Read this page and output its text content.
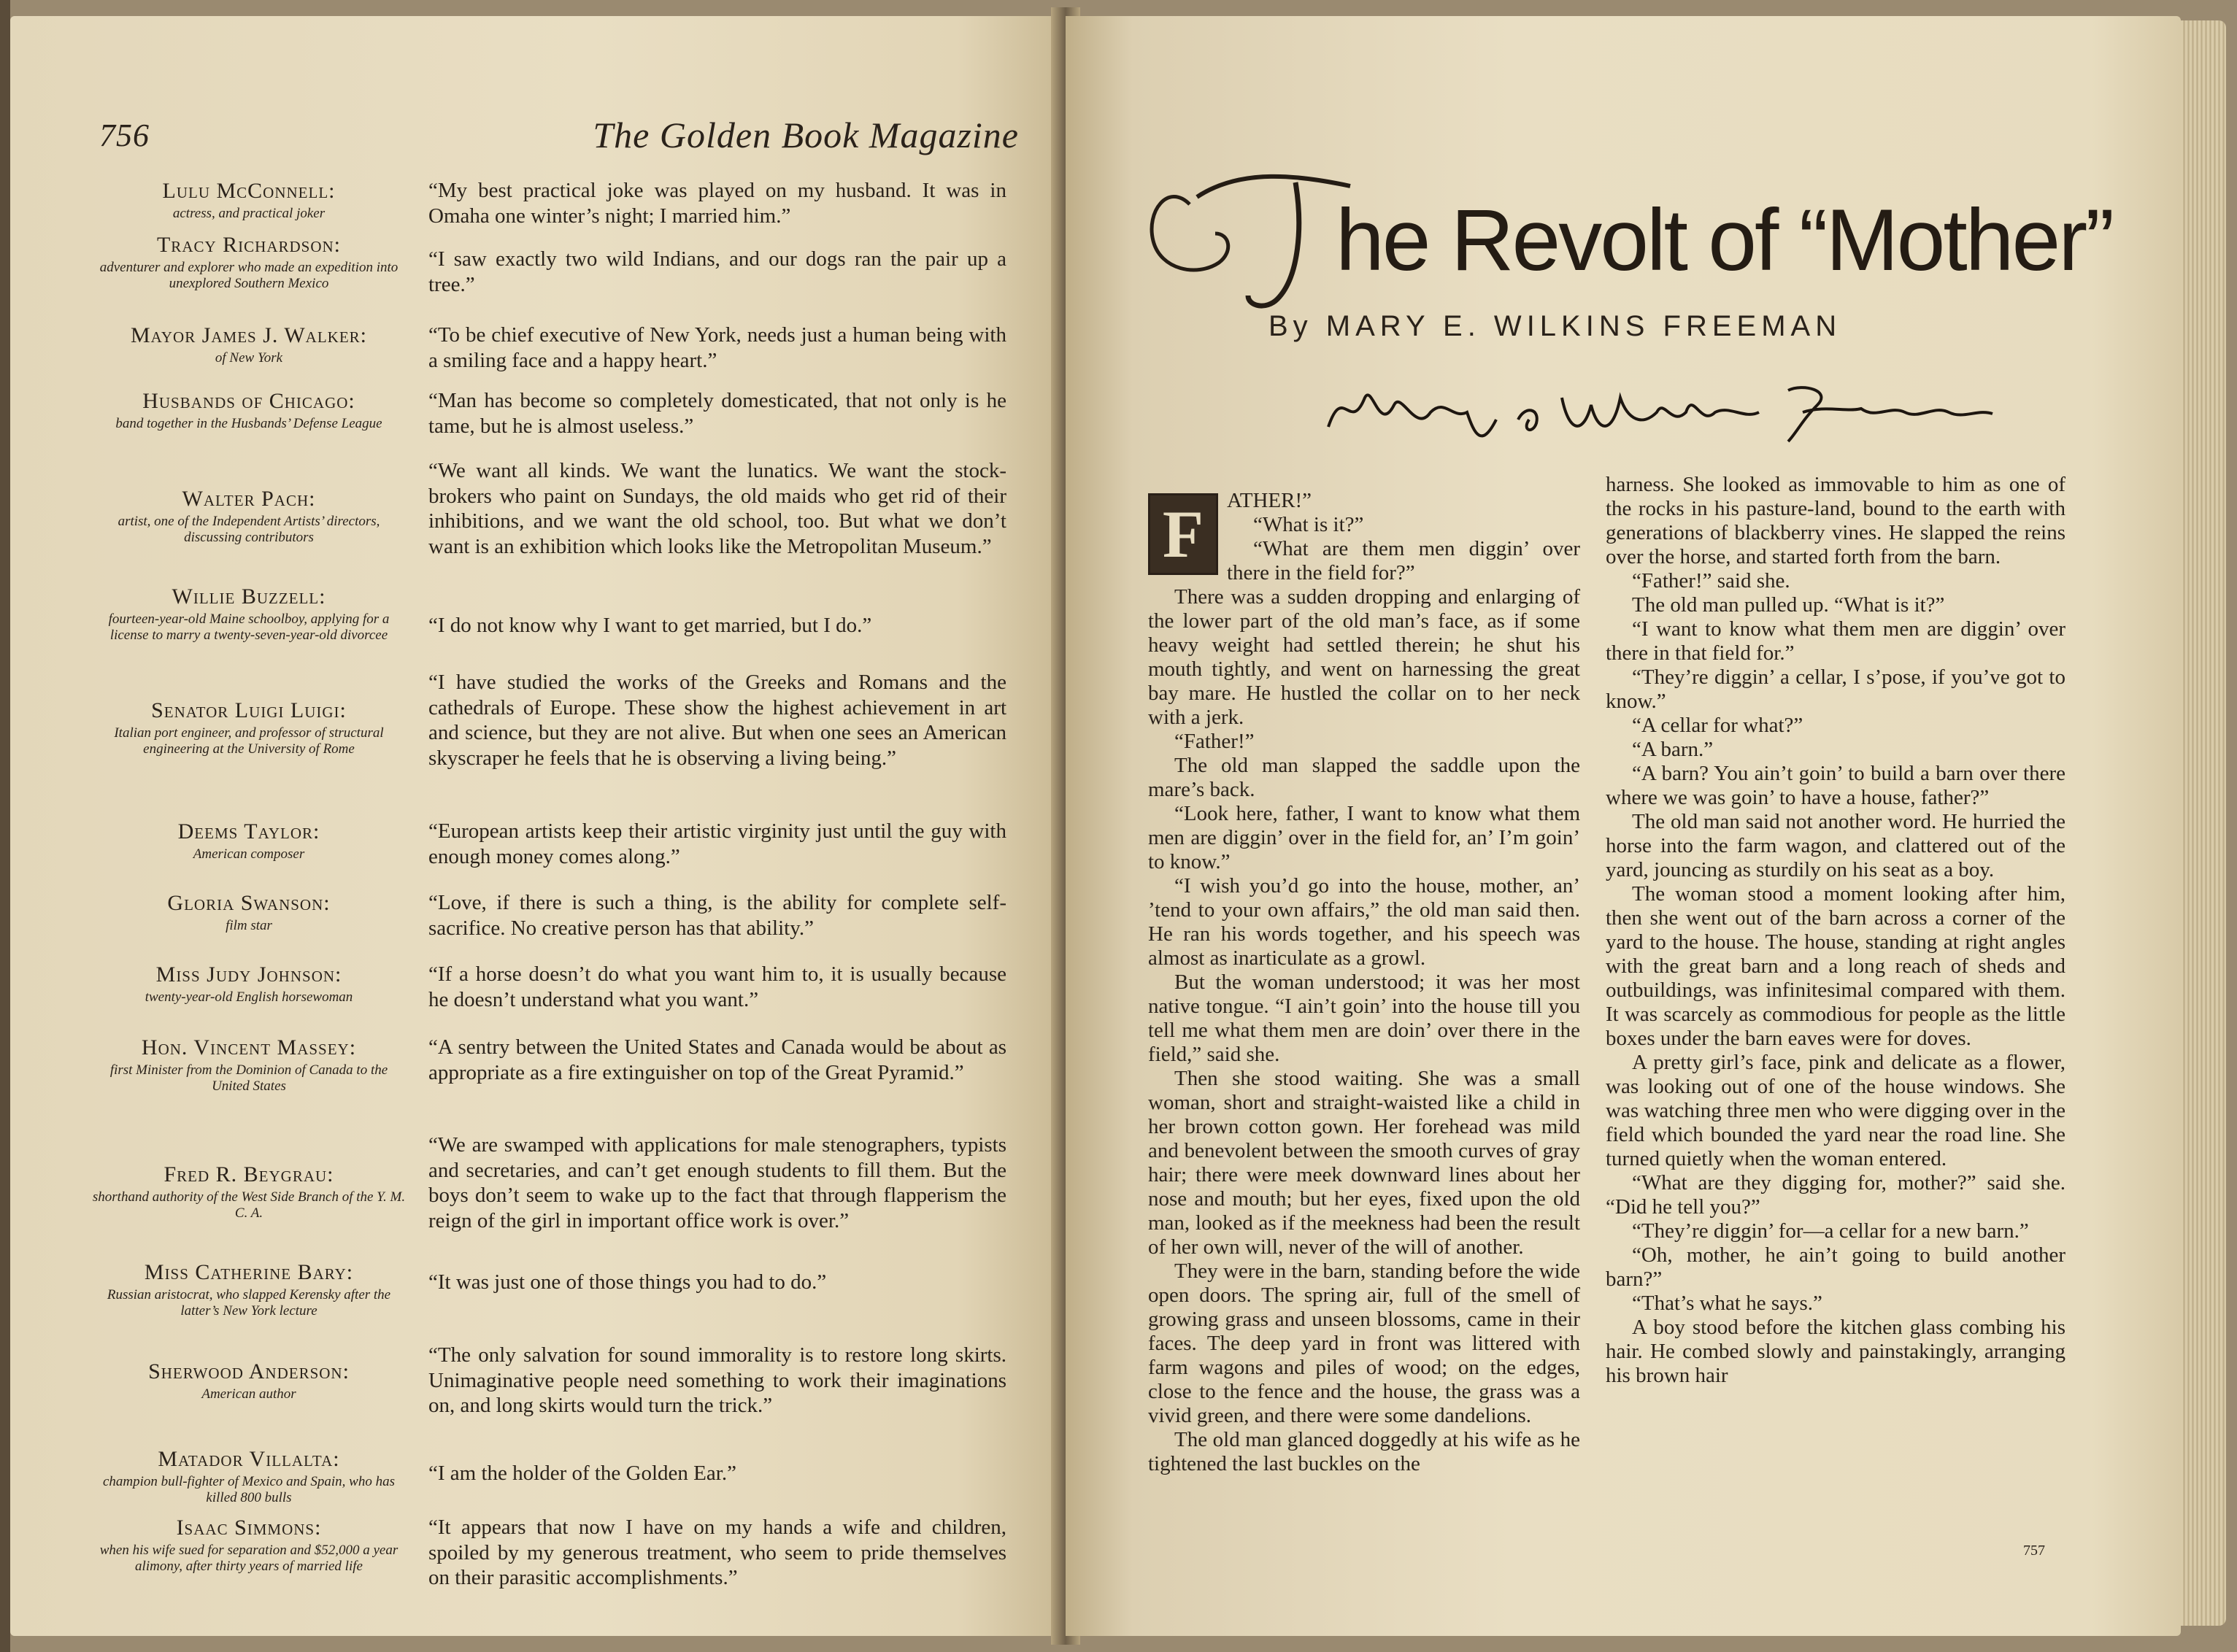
756	The Golden Book Magazine
Lulu McConnell:
actress, and practical joker
“My best practical joke was played on my husband. It was in Omaha one winter’s night; I married him.”
Tracy Richardson:
adventurer and explorer who made an expedition into unexplored Southern Mexico
“I saw exactly two wild Indians, and our dogs ran the pair up a tree.”
Mayor James J. Walker:
of New York
“To be chief executive of New York, needs just a human being with a smiling face and a happy heart.”
Husbands of Chicago:
band together in the Husbands’ Defense League
“Man has become so completely domesticated, that not only is he tame, but he is almost useless.”
Walter Pach:
artist, one of the Independent Artists’ directors, discussing contributors
“We want all kinds. We want the lunatics. We want the stock-brokers who paint on Sundays, the old maids who get rid of their inhibitions, and we want the old school, too. But what we don’t want is an exhibition which looks like the Metropolitan Museum.”
Willie Buzzell:
fourteen-year-old Maine schoolboy, applying for a license to marry a twenty-seven-year-old divorcee	“I do not know why I want to get married, but I do.”
Senator Luigi Luigi:
Italian port engineer, and professor of structural engineering at the University of Rome
“I have studied the works of the Greeks and Romans and the cathedrals of Europe. These show the highest achievement in art and science, but they are not alive. But when one sees an American skyscraper he feels that he is observing a living being.”
Deems Taylor:
American composer
“European artists keep their artistic virginity just until the guy with enough money comes along.”
Gloria Swanson:
film star
“Love, if there is such a thing, is the ability for complete self-sacrifice. No creative person has that ability.”
Miss Judy Johnson:
twenty-year-old English horsewoman
“If a horse doesn’t do what you want him to, it is usually because he doesn’t understand what you want.”
Hon. Vincent Massey:
first Minister from the Dominion of Canada to the United States
“A sentry between the United States and Canada would be about as appropriate as a fire extinguisher on top of the Great Pyramid.”
Fred R. Beygrau:
shorthand authority of the West Side Branch of the Y. M. C. A.
“We are swamped with applications for male stenographers, typists and secretaries, and can’t get enough students to fill them. But the boys don’t seem to wake up to the fact that through flapperism the reign of the girl in important office work is over.”
Miss Catherine Bary:
Russian aristocrat, who slapped Kerensky after the latter’s New York lecture
“It was just one of those things you had to do.”
Sherwood Anderson:
American author
“The only salvation for sound immorality is to restore long skirts. Unimaginative people need something to work their imaginations on, and long skirts would turn the trick.”
Matador Villalta:
champion bull-fighter of Mexico and Spain, who has killed 800 bulls
“I am the holder of the Golden Ear.”
Isaac Simmons:
when his wife sued for separation and $52,000 a year alimony, after thirty years of married life
“It appears that now I have on my hands a wife and children, spoiled by my generous treatment, who seem to pride themselves on their parasitic accomplishments.”
he Revolt of “Mother”
By MARY E. WILKINS FREEMAN

F	ATHER!”

“What is it?”

“What are them men diggin’ over there in the field for?”

There was a sudden dropping and enlarging of the lower part of the old man’s face, as if some heavy weight had settled therein; he shut his mouth tightly, and went on harnessing the great bay mare. He hustled the collar on to her neck with a jerk.

“Father!”

The old man slapped the saddle upon the mare’s back.

“Look here, father, I want to know what them men are diggin’ over in the field for, an’ I’m goin’ to know.”

“I wish you’d go into the house, mother, an’ ’tend to your own affairs,” the old man said then. He ran his words together, and his speech was almost as inarticulate as a growl.

But the woman understood; it was her most native tongue. “I ain’t goin’ into the house till you tell me what them men are doin’ over there in the field,” said she.

Then she stood waiting. She was a small woman, short and straight-waisted like a child in her brown cotton gown. Her forehead was mild and benevolent between the smooth curves of gray hair; there were meek downward lines about her nose and mouth; but her eyes, fixed upon the old man, looked as if the meekness had been the result of her own will, never of the will of another.

They were in the barn, standing before the wide open doors. The spring air, full of the smell of growing grass and unseen blossoms, came in their faces. The deep yard in front was littered with farm wagons and piles of wood; on the edges, close to the fence and the house, the grass was a vivid green, and there were some dandelions.

The old man glanced doggedly at his wife as he tightened the last buckles on the

harness. She looked as immovable to him as one of the rocks in his pasture-land, bound to the earth with generations of blackberry vines. He slapped the reins over the horse, and started forth from the barn.

“Father!” said she.

The old man pulled up. “What is it?”

“I want to know what them men are diggin’ over there in that field for.”

“They’re diggin’ a cellar, I s’pose, if you’ve got to know.”

“A cellar for what?”

“A barn.”

“A barn? You ain’t goin’ to build a barn over there where we was goin’ to have a house, father?”

The old man said not another word. He hurried the horse into the farm wagon, and clattered out of the yard, jouncing as sturdily on his seat as a boy.

The woman stood a moment looking after him, then she went out of the barn across a corner of the yard to the house. The house, standing at right angles with the great barn and a long reach of sheds and outbuildings, was infinitesimal compared with them. It was scarcely as commodious for people as the little boxes under the barn eaves were for doves.

A pretty girl’s face, pink and delicate as a flower, was looking out of one of the house windows. She was watching three men who were digging over in the field which bounded the yard near the road line. She turned quietly when the woman entered.

“What are they digging for, mother?” said she. “Did he tell you?”

“They’re diggin’ for—a cellar for a new barn.”

“Oh, mother, he ain’t going to build another barn?”

“That’s what he says.”

A boy stood before the kitchen glass combing his hair. He combed slowly and painstakingly, arranging his brown hair

757
